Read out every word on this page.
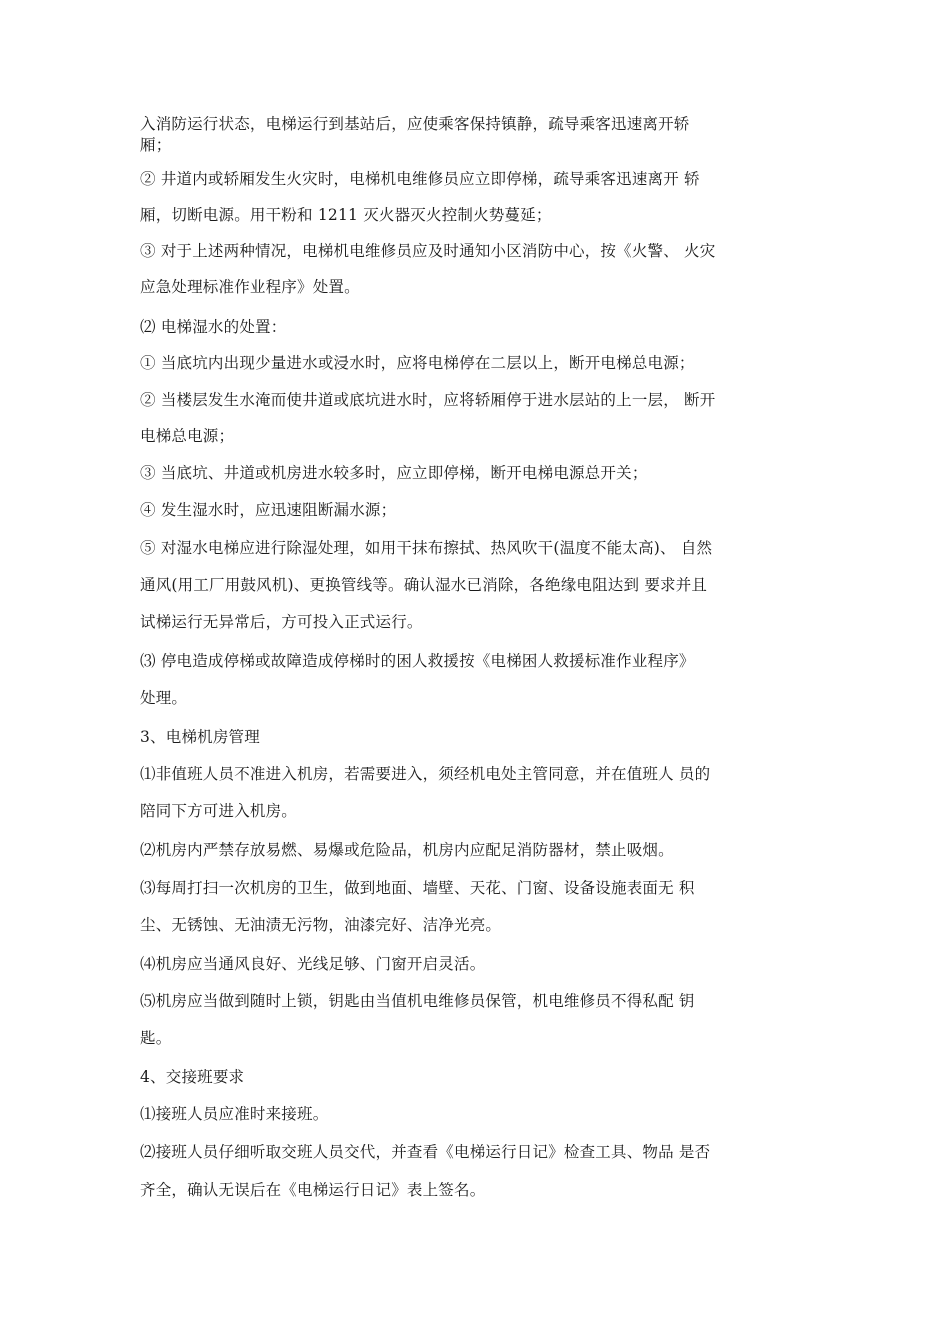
入消防运行状态，电梯运行到基站后，应使乘客保持镇静，疏导乘客迅速离开轿
厢；
② 井道内或轿厢发生火灾时，电梯机电维修员应立即停梯，疏导乘客迅速离开 轿
厢，切断电源。用干粉和 1211 灭火器灭火控制火势蔓延；
③ 对于上述两种情况，电梯机电维修员应及时通知小区消防中心，按《火警、 火灾
应急处理标准作业程序》处置。
⑵ 电梯湿水的处置：
① 当底坑内出现少量进水或浸水时，应将电梯停在二层以上，断开电梯总电源；
② 当楼层发生水淹而使井道或底坑进水时，应将轿厢停于进水层站的上一层， 断开
电梯总电源；
③ 当底坑、井道或机房进水较多时，应立即停梯，断开电梯电源总开关；
④ 发生湿水时，应迅速阻断漏水源；
⑤ 对湿水电梯应进行除湿处理，如用干抹布擦拭、热风吹干(温度不能太高)、 自然
通风(用工厂用鼓风机)、更换管线等。确认湿水已消除，各绝缘电阻达到 要求并且
试梯运行无异常后，方可投入正式运行。
⑶ 停电造成停梯或故障造成停梯时的困人救援按《电梯困人救援标准作业程序》
处理。
3、电梯机房管理
⑴非值班人员不准进入机房，若需要进入，须经机电处主管同意，并在值班人 员的
陪同下方可进入机房。
⑵机房内严禁存放易燃、易爆或危险品，机房内应配足消防器材，禁止吸烟。
⑶每周打扫一次机房的卫生，做到地面、墙壁、天花、门窗、设备设施表面无 积
尘、无锈蚀、无油渍无污物，油漆完好、洁净光亮。
⑷机房应当通风良好、光线足够、门窗开启灵活。
⑸机房应当做到随时上锁，钥匙由当值机电维修员保管，机电维修员不得私配 钥
匙。
4、交接班要求
⑴接班人员应准时来接班。
⑵接班人员仔细听取交班人员交代，并查看《电梯运行日记》检查工具、物品 是否
齐全，确认无误后在《电梯运行日记》表上签名。
